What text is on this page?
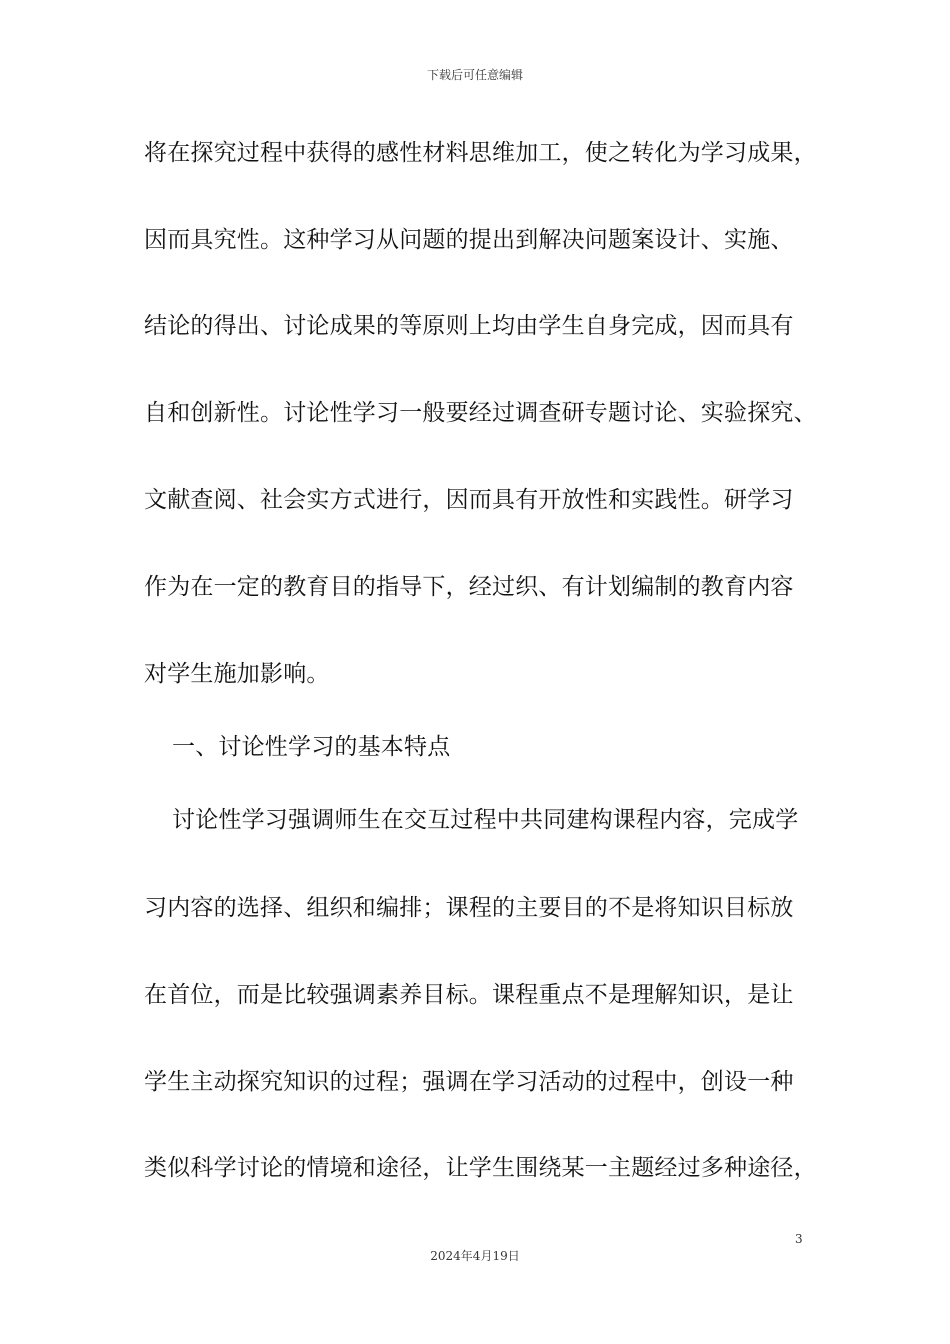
下载后可任意编辑
将在探究过程中获得的感性材料思维加工，使之转化为学习成果，
因而具究性。这种学习从问题的提出到解决问题案设计、实施、
结论的得出、讨论成果的等原则上均由学生自身完成，因而具有
自和创新性。讨论性学习一般要经过调查研专题讨论、实验探究、
文献查阅、社会实方式进行，因而具有开放性和实践性。研学习
作为在一定的教育目的指导下，经过织、有计划编制的教育内容
对学生施加影响。
一、讨论性学习的基本特点
讨论性学习强调师生在交互过程中共同建构课程内容，完成学
习内容的选择、组织和编排；课程的主要目的不是将知识目标放
在首位，而是比较强调素养目标。课程重点不是理解知识，是让
学生主动探究知识的过程；强调在学习活动的过程中，创设一种
类似科学讨论的情境和途径，让学生围绕某一主题经过多种途径，
3
2024年4月19日
